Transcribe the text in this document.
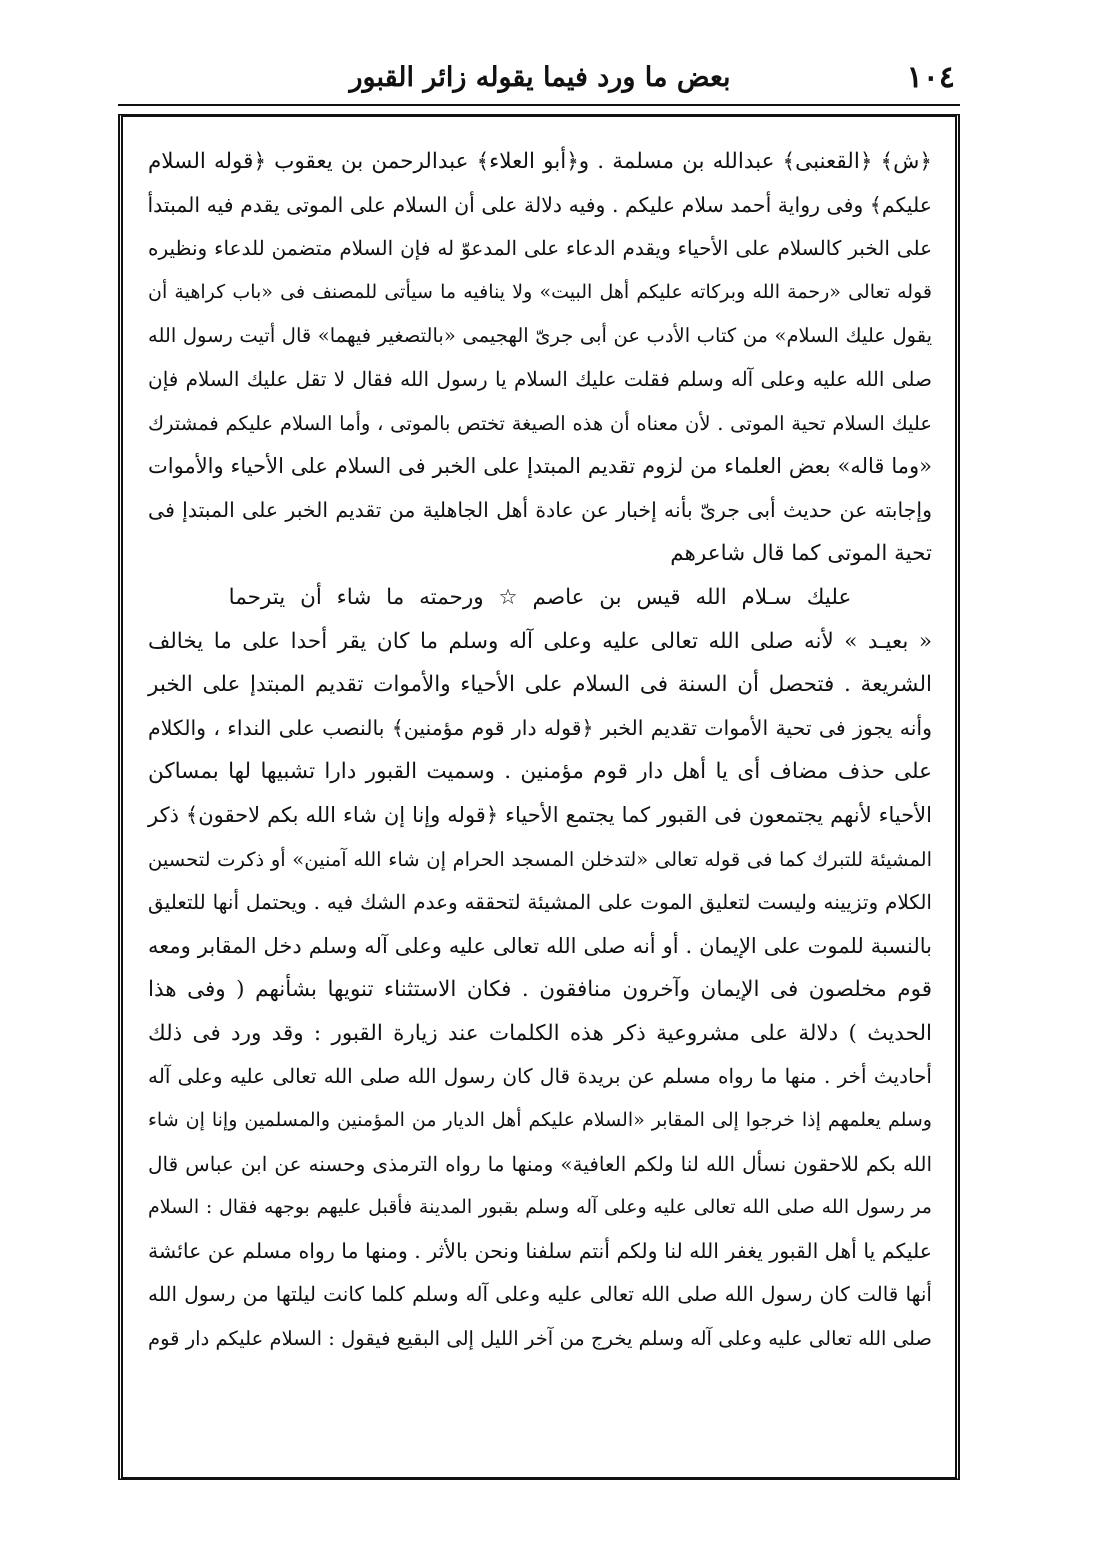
١٠٤
بعض ما ورد فيما يقوله زائر القبور

﴿ش﴾ ﴿القعنبى﴾ عبدالله بن مسلمة . و﴿أبو العلاء﴾ عبدالرحمن بن يعقوب ﴿قوله السلام

عليكم﴾ وفى رواية أحمد سلام عليكم . وفيه دلالة على أن السلام على الموتى يقدم فيه المبتدأ

على الخبر كالسلام على الأحياء ويقدم الدعاء على المدعوّ له فإن السلام متضمن للدعاء ونظيره

قوله تعالى «رحمة الله وبركاته عليكم أهل البيت» ولا ينافيه ما سيأتى للمصنف فى «باب كراهية أن

يقول عليك السلام» من كتاب الأدب عن أبى جرىّ الهجيمى «بالتصغير فيهما» قال أتيت رسول الله

صلى الله عليه وعلى آله وسلم فقلت عليك السلام يا رسول الله فقال لا تقل عليك السلام فإن

عليك السلام تحية الموتى . لأن معناه أن هذه الصيغة تختص بالموتى ، وأما السلام عليكم فمشترك

«وما قاله» بعض العلماء من لزوم تقديم المبتدإ على الخبر فى السلام على الأحياء والأموات

وإجابته عن حديث أبى جرىّ بأنه إخبار عن عادة أهل الجاهلية من تقديم الخبر على المبتدإ فى

تحية الموتى كما قال شاعرهم

عليك سـلام الله قيس بن عاصم ☆ ورحمته ما شاء أن يترحما

« بعيـد » لأنه صلى الله تعالى عليه وعلى آله وسلم ما كان يقر أحدا على ما يخالف

الشريعة . فتحصل أن السنة فى السلام على الأحياء والأموات تقديم المبتدإ على الخبر

وأنه يجوز فى تحية الأموات تقديم الخبر ﴿قوله دار قوم مؤمنين﴾ بالنصب على النداء ، والكلام

على حذف مضاف أى يا أهل دار قوم مؤمنين . وسميت القبور دارا تشبيها لها بمساكن

الأحياء لأنهم يجتمعون فى القبور كما يجتمع الأحياء ﴿قوله وإنا إن شاء الله بكم لاحقون﴾ ذكر

المشيئة للتبرك كما فى قوله تعالى «لتدخلن المسجد الحرام إن شاء الله آمنين» أو ذكرت لتحسين

الكلام وتزيينه وليست لتعليق الموت على المشيئة لتحققه وعدم الشك فيه . ويحتمل أنها للتعليق

بالنسبة للموت على الإيمان . أو أنه صلى الله تعالى عليه وعلى آله وسلم دخل المقابر ومعه

قوم مخلصون فى الإيمان وآخرون منافقون . فكان الاستثناء تنويها بشأنهم ( وفى هذا

الحديث ) دلالة على مشروعية ذكر هذه الكلمات عند زيارة القبور : وقد ورد فى ذلك

أحاديث أخر . منها ما رواه مسلم عن بريدة قال كان رسول الله صلى الله تعالى عليه وعلى آله

وسلم يعلمهم إذا خرجوا إلى المقابر «السلام عليكم أهل الديار من المؤمنين والمسلمين وإنا إن شاء

الله بكم للاحقون نسأل الله لنا ولكم العافية» ومنها ما رواه الترمذى وحسنه عن ابن عباس قال

مر رسول الله صلى الله تعالى عليه وعلى آله وسلم بقبور المدينة فأقبل عليهم بوجهه فقال : السلام

عليكم يا أهل القبور يغفر الله لنا ولكم أنتم سلفنا ونحن بالأثر . ومنها ما رواه مسلم عن عائشة

أنها قالت كان رسول الله صلى الله تعالى عليه وعلى آله وسلم كلما كانت ليلتها من رسول الله

صلى الله تعالى عليه وعلى آله وسلم يخرج من آخر الليل إلى البقيع فيقول : السلام عليكم دار قوم
